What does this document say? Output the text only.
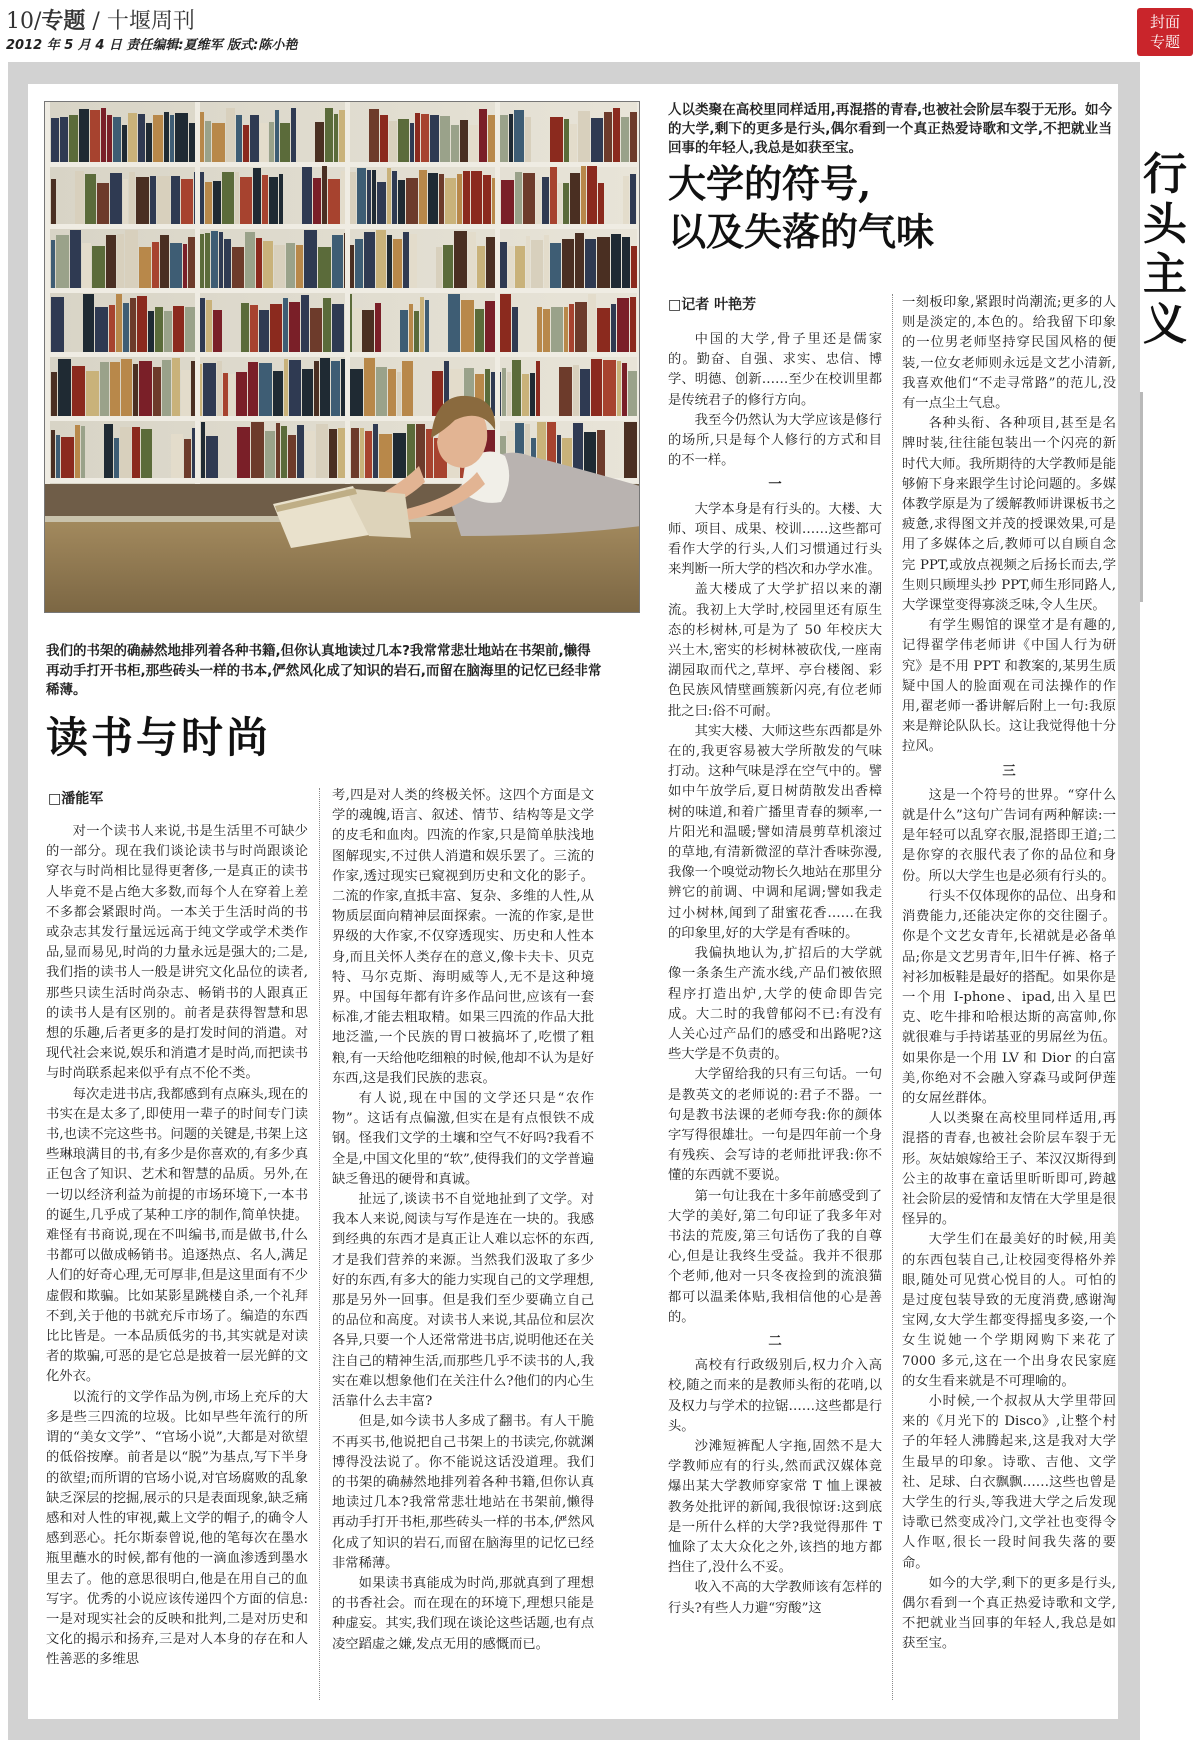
10/专题 / 十堰周刊
2012 年 5 月 4 日 责任编辑:夏维军 版式:陈小艳
封面
专题
行
头
主
义
我们的书架的确赫然地排列着各种书籍,但你认真地读过几本?我常常悲壮地站在书架前,懒得再动手打开书柜,那些砖头一样的书本,俨然风化成了知识的岩石,而留在脑海里的记忆已经非常稀薄。
读书与时尚
□潘能军

对一个读书人来说,书是生活里不可缺少的一部分。现在我们谈论读书与时尚跟谈论穿衣与时尚相比显得更奢侈,一是真正的读书人毕竟不是占绝大多数,而每个人在穿着上差不多都会紧跟时尚。一本关于生活时尚的书或杂志其发行量远远高于纯文学或学术类作品,显而易见,时尚的力量永远是强大的;二是,我们指的读书人一般是讲究文化品位的读者,那些只读生活时尚杂志、畅销书的人跟真正的读书人是有区别的。前者是获得智慧和思想的乐趣,后者更多的是打发时间的消遣。对现代社会来说,娱乐和消遣才是时尚,而把读书与时尚联系起来似乎有点不伦不类。

每次走进书店,我都感到有点麻头,现在的书实在是太多了,即使用一辈子的时间专门读书,也读不完这些书。问题的关键是,书架上这些琳琅满目的书,有多少是你喜欢的,有多少真正包含了知识、艺术和智慧的品质。另外,在一切以经济利益为前提的市场环境下,一本书的诞生,几乎成了某种工序的制作,简单快捷。难怪有书商说,现在不叫编书,而是做书,什么书都可以做成畅销书。追逐热点、名人,满足人们的好奇心理,无可厚非,但是这里面有不少虚假和欺骗。比如某影星跳楼自杀,一个礼拜不到,关于他的书就充斥市场了。编造的东西比比皆是。一本品质低劣的书,其实就是对读者的欺骗,可恶的是它总是披着一层光鲜的文化外衣。

以流行的文学作品为例,市场上充斥的大多是些三四流的垃圾。比如早些年流行的所谓的“美女文学”、“官场小说”,大都是对欲望的低俗按摩。前者是以“脱”为基点,写下半身的欲望;而所谓的官场小说,对官场腐败的乱象缺乏深层的挖掘,展示的只是表面现象,缺乏痛感和对人性的审视,戴上文学的帽子,的确令人感到恶心。托尔斯泰曾说,他的笔每次在墨水瓶里蘸水的时候,都有他的一滴血渗透到墨水里去了。他的意思很明白,他是在用自己的血写字。优秀的小说应该传递四个方面的信息:一是对现实社会的反映和批判,二是对历史和文化的揭示和扬弃,三是对人本身的存在和人性善恶的多维思

考,四是对人类的终极关怀。这四个方面是文学的魂魄,语言、叙述、情节、结构等是文学的皮毛和血肉。四流的作家,只是简单肤浅地图解现实,不过供人消遣和娱乐罢了。三流的作家,透过现实已窥视到历史和文化的影子。二流的作家,直抵丰富、复杂、多维的人性,从物质层面向精神层面探索。一流的作家,是世界级的大作家,不仅穿透现实、历史和人性本身,而且关怀人类存在的意义,像卡夫卡、贝克特、马尔克斯、海明威等人,无不是这种境界。中国每年都有许多作品问世,应该有一套标准,才能去粗取精。如果三四流的作品大批地泛滥,一个民族的胃口被搞坏了,吃惯了粗粮,有一天给他吃细粮的时候,他却不认为是好东西,这是我们民族的悲哀。

有人说,现在中国的文学还只是“农作物”。这话有点偏激,但实在是有点恨铁不成钢。怪我们文学的土壤和空气不好吗?我看不全是,中国文化里的“软”,使得我们的文学普遍缺乏鲁迅的硬骨和真诚。

扯远了,谈读书不自觉地扯到了文学。对我本人来说,阅读与写作是连在一块的。我感到经典的东西才是真正让人难以忘怀的东西,才是我们营养的来源。当然我们汲取了多少好的东西,有多大的能力实现自己的文学理想,那是另外一回事。但是我们至少要确立自己的品位和高度。对读书人来说,其品位和层次各异,只要一个人还常常进书店,说明他还在关注自己的精神生活,而那些几乎不读书的人,我实在难以想象他们在关注什么?他们的内心生活靠什么去丰富?

但是,如今读书人多成了翻书。有人干脆不再买书,他说把自己书架上的书读完,你就渊博得没法说了。你不能说这话没道理。我们的书架的确赫然地排列着各种书籍,但你认真地读过几本?我常常悲壮地站在书架前,懒得再动手打开书柜,那些砖头一样的书本,俨然风化成了知识的岩石,而留在脑海里的记忆已经非常稀薄。

如果读书真能成为时尚,那就真到了理想的书香社会。而在现在的环境下,理想只能是种虚妄。其实,我们现在谈论这些话题,也有点凌空蹈虚之嫌,发点无用的感慨而已。

人以类聚在高校里同样适用,再混搭的青春,也被社会阶层车裂于无形。如今的大学,剩下的更多是行头,偶尔看到一个真正热爱诗歌和文学,不把就业当回事的年轻人,我总是如获至宝。
大学的符号,
以及失落的气味
□记者 叶艳芳

中国的大学,骨子里还是儒家的。勤奋、自强、求实、忠信、博学、明德、创新……至少在校训里都是传统君子的修行方向。

我至今仍然认为大学应该是修行的场所,只是每个人修行的方式和目的不一样。

一

大学本身是有行头的。大楼、大师、项目、成果、校训……这些都可看作大学的行头,人们习惯通过行头来判断一所大学的档次和办学水准。

盖大楼成了大学扩招以来的潮流。我初上大学时,校园里还有原生态的杉树林,可是为了 50 年校庆大兴土木,密实的杉树林被砍伐,一座南湖园取而代之,草坪、亭台楼阁、彩色民族风情壁画簇新闪亮,有位老师批之曰:俗不可耐。

其实大楼、大师这些东西都是外在的,我更容易被大学所散发的气味打动。这种气味是浮在空气中的。譬如中午放学后,夏日树荫散发出香樟树的味道,和着广播里青春的频率,一片阳光和温暖;譬如清晨剪草机滚过的草地,有清新微涩的草汁香味弥漫,我像一个嗅觉动物长久地站在那里分辨它的前调、中调和尾调;譬如我走过小树林,闻到了甜蜜花香……在我的印象里,好的大学是有香味的。

我偏执地认为,扩招后的大学就像一条条生产流水线,产品们被依照程序打造出炉,大学的使命即告完成。大二时的我曾郁闷不已:有没有人关心过产品们的感受和出路呢?这些大学是不负责的。

大学留给我的只有三句话。一句是教英文的老师说的:君子不器。一句是教书法课的老师夸我:你的颜体字写得很雄壮。一句是四年前一个身有残疾、会写诗的老师批评我:你不懂的东西就不要说。

第一句让我在十多年前感受到了大学的美好,第二句印证了我多年对书法的荒废,第三句话伤了我的自尊心,但是让我终生受益。我并不很那个老师,他对一只冬夜捡到的流浪猫都可以温柔体贴,我相信他的心是善的。

二

高校有行政级别后,权力介入高校,随之而来的是教师头衔的花哨,以及权力与学术的拉锯……这些都是行头。

沙滩短裤配人字拖,固然不是大学教师应有的行头,然而武汉媒体竟爆出某大学教师穿家常 T 恤上课被教务处批评的新闻,我很惊讶:这到底是一所什么样的大学?我觉得那件 T 恤除了太大众化之外,该挡的地方都挡住了,没什么不妥。

收入不高的大学教师该有怎样的行头?有些人力避“穷酸”这

一刻板印象,紧跟时尚潮流;更多的人则是淡定的,本色的。给我留下印象的一位男老师坚持穿民国风格的便装,一位女老师则永远是文艺小清新,我喜欢他们“不走寻常路”的范儿,没有一点尘土气息。

各种头衔、各种项目,甚至是名牌时装,往往能包装出一个闪亮的新时代大师。我所期待的大学教师是能够俯下身来跟学生讨论问题的。多媒体教学原是为了缓解教师讲课板书之疲惫,求得图文并茂的授课效果,可是用了多媒体之后,教师可以自顾自念完 PPT,或放点视频之后扬长而去,学生则只顾埋头抄 PPT,师生形同路人,大学课堂变得寡淡乏味,令人生厌。

有学生赐馆的课堂才是有趣的,记得翟学伟老师讲《中国人行为研究》是不用 PPT 和教案的,某男生质疑中国人的脸面观在司法操作的作用,翟老师一番讲解后附上一句:我原来是辩论队队长。这让我觉得他十分拉风。

三

这是一个符号的世界。“穿什么就是什么”这句广告词有两种解读:一是年轻可以乱穿衣服,混搭即王道;二是你穿的衣服代表了你的品位和身份。所以大学生也是必须有行头的。

行头不仅体现你的品位、出身和消费能力,还能决定你的交往圈子。你是个文艺女青年,长裙就是必备单品;你是文艺男青年,旧牛仔裤、格子衬衫加板鞋是最好的搭配。如果你是一个用 I-phone、ipad,出入星巴克、吃牛排和哈根达斯的高富帅,你就很难与手持诺基亚的男屌丝为伍。如果你是一个用 LV 和 Dior 的白富美,你绝对不会融入穿森马或阿伊莲的女屌丝群体。

人以类聚在高校里同样适用,再混搭的青春,也被社会阶层车裂于无形。灰姑娘嫁给王子、苯汉汉斯得到公主的故事在童话里昕昕即可,跨越社会阶层的爱情和友情在大学里是很怪异的。

大学生们在最美好的时候,用美的东西包装自己,让校园变得格外养眼,随处可见赏心悦目的人。可怕的是过度包装导致的无度消费,感谢淘宝网,女大学生都变得摇曳多姿,一个女生说她一个学期网购下来花了 7000 多元,这在一个出身农民家庭的女生看来就是不可理喻的。

小时候,一个叔叔从大学里带回来的《月光下的 Disco》,让整个村子的年轻人沸腾起来,这是我对大学生最早的印象。诗歌、吉他、文学社、足球、白衣飘飘……这些也曾是大学生的行头,等我进大学之后发现诗歌已然变成冷门,文学社也变得令人作呕,很长一段时间我失落的要命。

如今的大学,剩下的更多是行头,偶尔看到一个真正热爱诗歌和文学,不把就业当回事的年轻人,我总是如获至宝。
